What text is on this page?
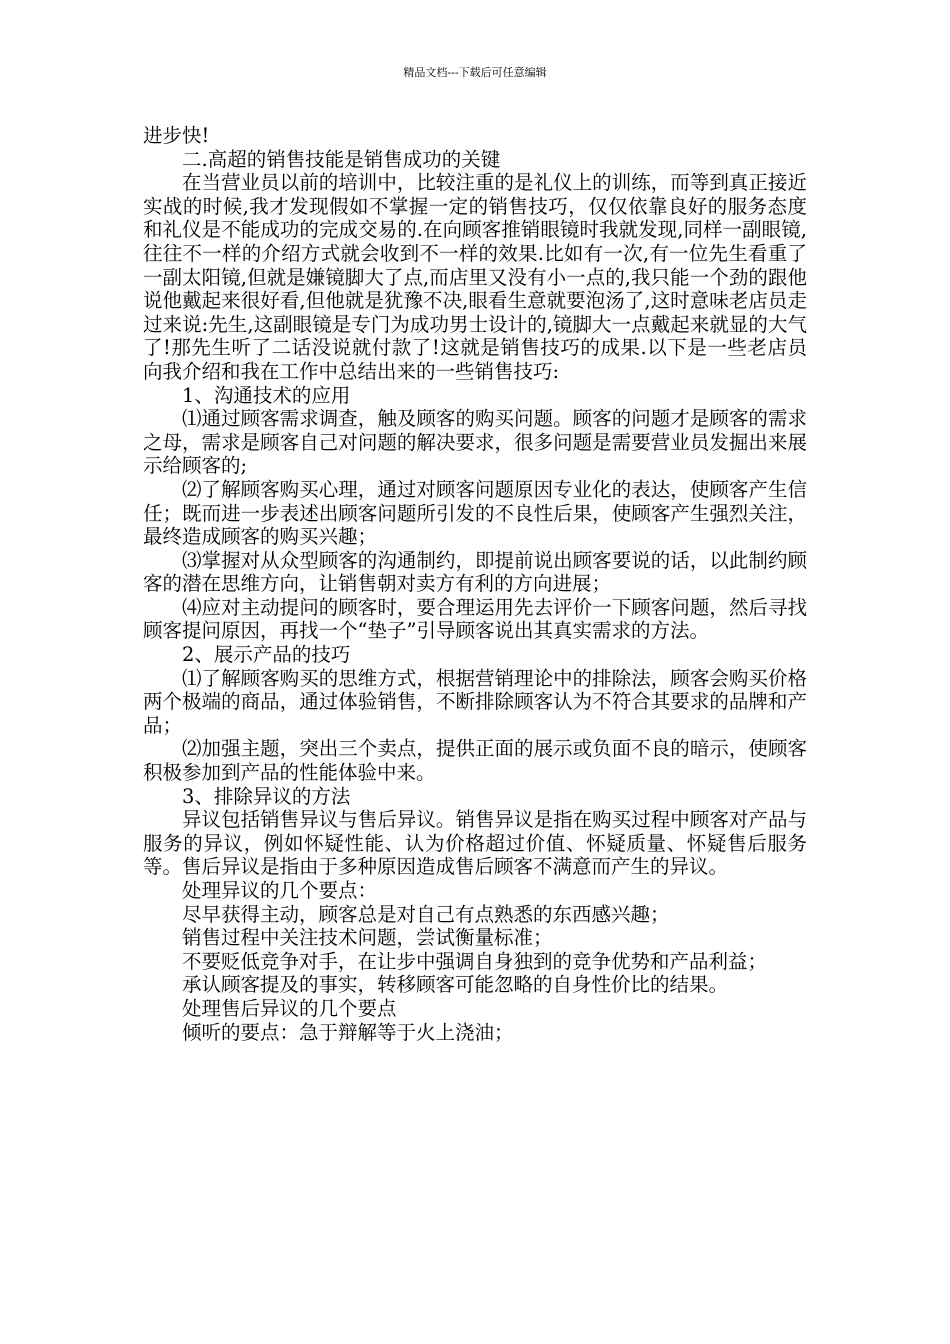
精品文档---下载后可任意编辑

进步快!

二.高超的销售技能是销售成功的关键

在当营业员以前的培训中，比较注重的是礼仪上的训练，而等到真正接近实战的时候,我才发现假如不掌握一定的销售技巧，仅仅依靠良好的服务态度和礼仪是不能成功的完成交易的.在向顾客推销眼镜时我就发现,同样一副眼镜,往往不一样的介绍方式就会收到不一样的效果.比如有一次,有一位先生看重了一副太阳镜,但就是嫌镜脚大了点,而店里又没有小一点的,我只能一个劲的跟他说他戴起来很好看,但他就是犹豫不决,眼看生意就要泡汤了,这时意味老店员走过来说:先生,这副眼镜是专门为成功男士设计的,镜脚大一点戴起来就显的大气了!那先生听了二话没说就付款了!这就是销售技巧的成果.以下是一些老店员向我介绍和我在工作中总结出来的一些销售技巧:

1、沟通技术的应用

⑴通过顾客需求调查，触及顾客的购买问题。顾客的问题才是顾客的需求之母，需求是顾客自己对问题的解决要求，很多问题是需要营业员发掘出来展示给顾客的;

⑵了解顾客购买心理，通过对顾客问题原因专业化的表达，使顾客产生信任；既而进一步表述出顾客问题所引发的不良性后果，使顾客产生强烈关注，最终造成顾客的购买兴趣；

⑶掌握对从众型顾客的沟通制约，即提前说出顾客要说的话，以此制约顾客的潜在思维方向，让销售朝对卖方有利的方向进展；

⑷应对主动提问的顾客时，要合理运用先去评价一下顾客问题，然后寻找顾客提问原因，再找一个“垫子”引导顾客说出其真实需求的方法。

2、展示产品的技巧

⑴了解顾客购买的思维方式，根据营销理论中的排除法，顾客会购买价格两个极端的商品，通过体验销售，不断排除顾客认为不符合其要求的品牌和产品；

⑵加强主题，突出三个卖点，提供正面的展示或负面不良的暗示，使顾客积极参加到产品的性能体验中来。

3、排除异议的方法

异议包括销售异议与售后异议。销售异议是指在购买过程中顾客对产品与服务的异议，例如怀疑性能、认为价格超过价值、怀疑质量、怀疑售后服务等。售后异议是指由于多种原因造成售后顾客不满意而产生的异议。

处理异议的几个要点：

尽早获得主动，顾客总是对自己有点熟悉的东西感兴趣；

销售过程中关注技术问题，尝试衡量标准；

不要贬低竞争对手，在让步中强调自身独到的竞争优势和产品利益；

承认顾客提及的事实，转移顾客可能忽略的自身性价比的结果。

处理售后异议的几个要点

倾听的要点：急于辩解等于火上浇油；
